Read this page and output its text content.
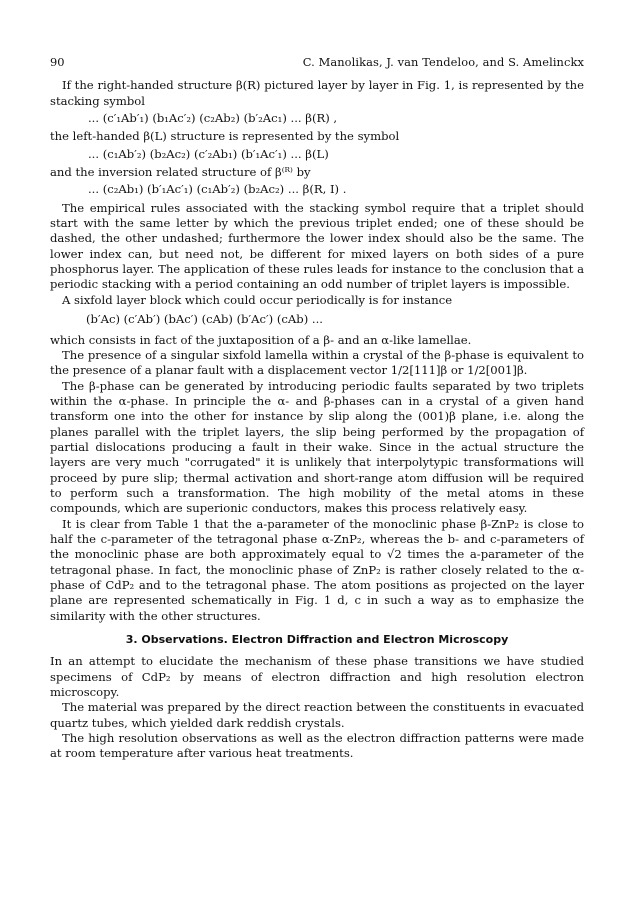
90	C. Manolikas, J. van Tendeloo, and S. Amelinckx

If the right-handed structure β(R) pictured layer by layer in Fig. 1, is represented by the stacking symbol

... (c′₁Ab′₁) (b₁Ac′₂) (c₂Ab₂) (b′₂Ac₁) ... β(R) ,

the left-handed β(L) structure is represented by the symbol

... (c₁Ab′₂) (b₂Ac₂) (c′₂Ab₁) (b′₁Ac′₁) ... β(L)

and the inversion related structure of β⁽ᴿ⁾ by

... (c₂Ab₁) (b′₁Ac′₁) (c₁Ab′₂) (b₂Ac₂) ... β(R, I) .

The empirical rules associated with the stacking symbol require that a triplet should start with the same letter by which the previous triplet ended; one of these should be dashed, the other undashed; furthermore the lower index should also be the same. The lower index can, but need not, be different for mixed layers on both sides of a pure phosphorus layer. The application of these rules leads for instance to the conclusion that a periodic stacking with a period containing an odd number of triplet layers is impossible.

A sixfold layer block which could occur periodically is for instance

(b′Ac) (c′Ab′) (bAc′) (cAb) (b′Ac′) (cAb) ...

which consists in fact of the juxtaposition of a β- and an α-like lamellae.

The presence of a singular sixfold lamella within a crystal of the β-phase is equivalent to the presence of a planar fault with a displacement vector 1/2[111]β or 1/2[001]β.

The β-phase can be generated by introducing periodic faults separated by two triplets within the α-phase. In principle the α- and β-phases can in a crystal of a given hand transform one into the other for instance by slip along the (001)β plane, i.e. along the planes parallel with the triplet layers, the slip being performed by the propagation of partial dislocations producing a fault in their wake. Since in the actual structure the layers are very much "corrugated" it is unlikely that interpolytypic transformations will proceed by pure slip; thermal activation and short-range atom diffusion will be required to perform such a transformation. The high mobility of the metal atoms in these compounds, which are superionic conductors, makes this process relatively easy.

It is clear from Table 1 that the a-parameter of the monoclinic phase β-ZnP₂ is close to half the c-parameter of the tetragonal phase α-ZnP₂, whereas the b- and c-parameters of the monoclinic phase are both approximately equal to √2 times the a-parameter of the tetragonal phase. In fact, the monoclinic phase of ZnP₂ is rather closely related to the α-phase of CdP₂ and to the tetragonal phase. The atom positions as projected on the layer plane are represented schematically in Fig. 1 d, c in such a way as to emphasize the similarity with the other structures.

3. Observations. Electron Diffraction and Electron Microscopy

In an attempt to elucidate the mechanism of these phase transitions we have studied specimens of CdP₂ by means of electron diffraction and high resolution electron microscopy.

The material was prepared by the direct reaction between the constituents in evacuated quartz tubes, which yielded dark reddish crystals.

The high resolution observations as well as the electron diffraction patterns were made at room temperature after various heat treatments.
